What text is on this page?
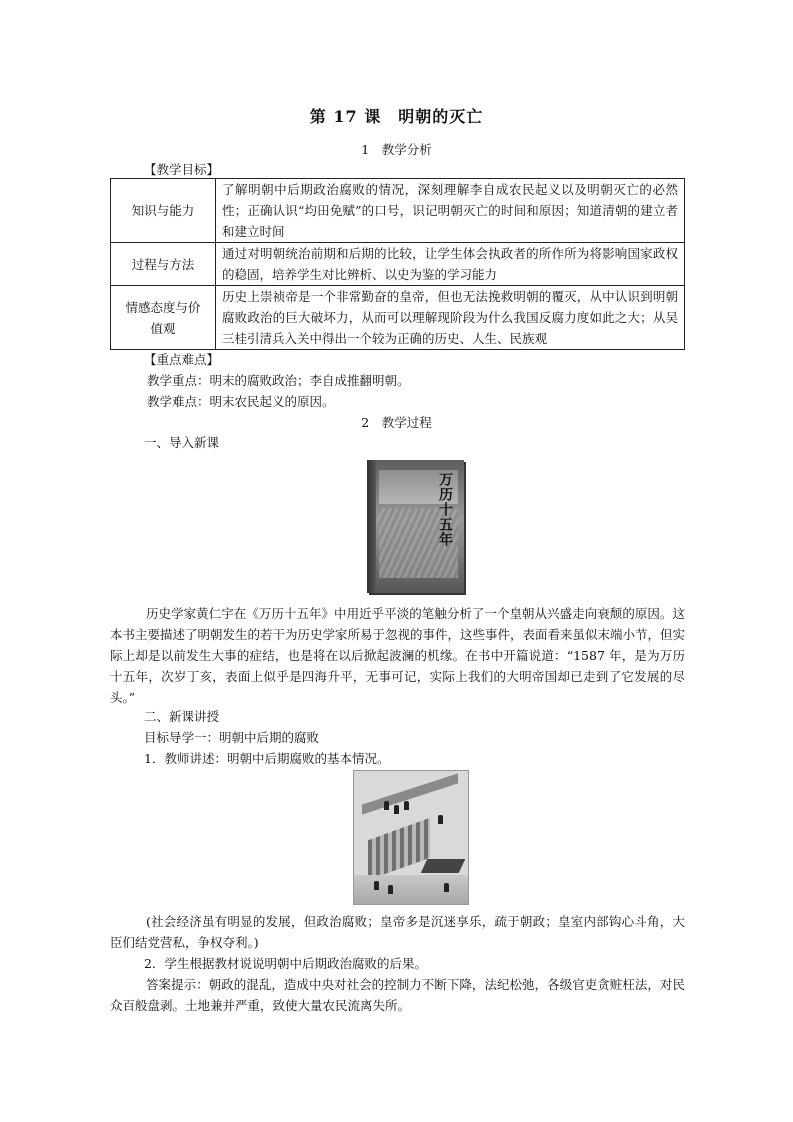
第 17 课　明朝的灭亡
1　教学分析
【教学目标】
知识与能力	了解明朝中后期政治腐败的情况，深刻理解李自成农民起义以及明朝灭亡的必然性；正确认识“均田免赋”的口号，识记明朝灭亡的时间和原因；知道清朝的建立者和建立时间
过程与方法	通过对明朝统治前期和后期的比较，让学生体会执政者的所作所为将影响国家政权的稳固，培养学生对比辨析、以史为鉴的学习能力
情感态度与价值观	历史上崇祯帝是一个非常勤奋的皇帝，但也无法挽救明朝的覆灭，从中认识到明朝腐败政治的巨大破坏力，从而可以理解现阶段为什么我国反腐力度如此之大；从吴三桂引清兵入关中得出一个较为正确的历史、人生、民族观
【重点难点】
教学重点：明末的腐败政治；李自成推翻明朝。
教学难点：明末农民起义的原因。
2　教学过程
一、导入新课
万历十五年
历史学家黄仁宇在《万历十五年》中用近乎平淡的笔触分析了一个皇朝从兴盛走向衰颓的原因。这本书主要描述了明朝发生的若干为历史学家所易于忽视的事件，这些事件，表面看来虽似末端小节，但实际上却是以前发生大事的症结，也是将在以后掀起波澜的机缘。在书中开篇说道：“1587 年，是为万历十五年，次岁丁亥，表面上似乎是四海升平，无事可记，实际上我们的大明帝国却已走到了它发展的尽头。”
二、新课讲授
目标导学一：明朝中后期的腐败
1．教师讲述：明朝中后期腐败的基本情况。
(社会经济虽有明显的发展，但政治腐败；皇帝多是沉迷享乐，疏于朝政；皇室内部钩心斗角，大臣们结党营私，争权夺利。)
2．学生根据教材说说明朝中后期政治腐败的后果。
答案提示：朝政的混乱，造成中央对社会的控制力不断下降，法纪松弛，各级官吏贪赃枉法，对民众百般盘剥。土地兼并严重，致使大量农民流离失所。
